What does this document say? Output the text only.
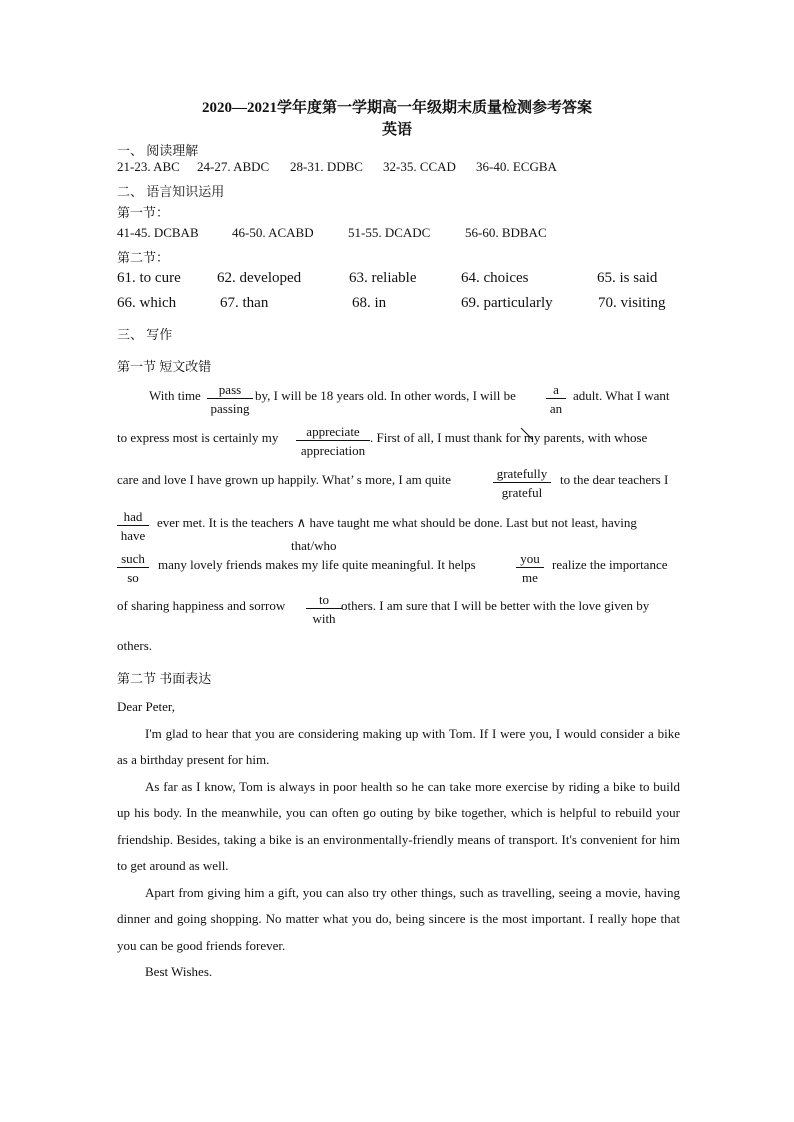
2020—2021学年度第一学期高一年级期末质量检测参考答案
英语
一、 阅读理解
21-23. ABC 24-27. ABDC 28-31. DDBC 32-35. CCAD 36-40. ECGBA
二、 语言知识运用
第一节：
41-45. DCBAB	46-50. ACABD	51-55. DCADC	56-60. BDBAC
第二节：
61. to cure 62. developed	63. reliable	64. choices	65. is said
66. which	67. than	68. in	69. particularly	70. visiting
三、 写作
第一节 短文改错
With time	pass
passing
by, I will be 18 years old. In other words, I will be	a
an
adult. What I want
to express most is certainly my	appreciate
appreciation
. First of all, I must thank for my parents, with whose
care and love I have grown up happily. What’ s more, I am quite	gratefully
grateful
to the dear teachers I
had
have
ever met. It is the teachers ∧ have taught me what should be done. Last but not least, having
that/who
such
so
many lovely friends makes my life quite meaningful. It helps	you
me
realize the importance
of sharing happiness and sorrow	to
with
others. I am sure that I will be better with the love given by
others.
第二节 书面表达

Dear Peter,

I'm glad to hear that you are considering making up with Tom. If I were you, I would consider a bike as a birthday present for him.

As far as I know, Tom is always in poor health so he can take more exercise by riding a bike to build up his body. In the meanwhile, you can often go outing by bike together, which is helpful to rebuild your friendship. Besides, taking a bike is an environmentally-friendly means of transport. It's convenient for him to get around as well.

Apart from giving him a gift, you can also try other things, such as travelling, seeing a movie, having dinner and going shopping. No matter what you do, being sincere is the most important. I really hope that you can be good friends forever.

Best Wishes.
